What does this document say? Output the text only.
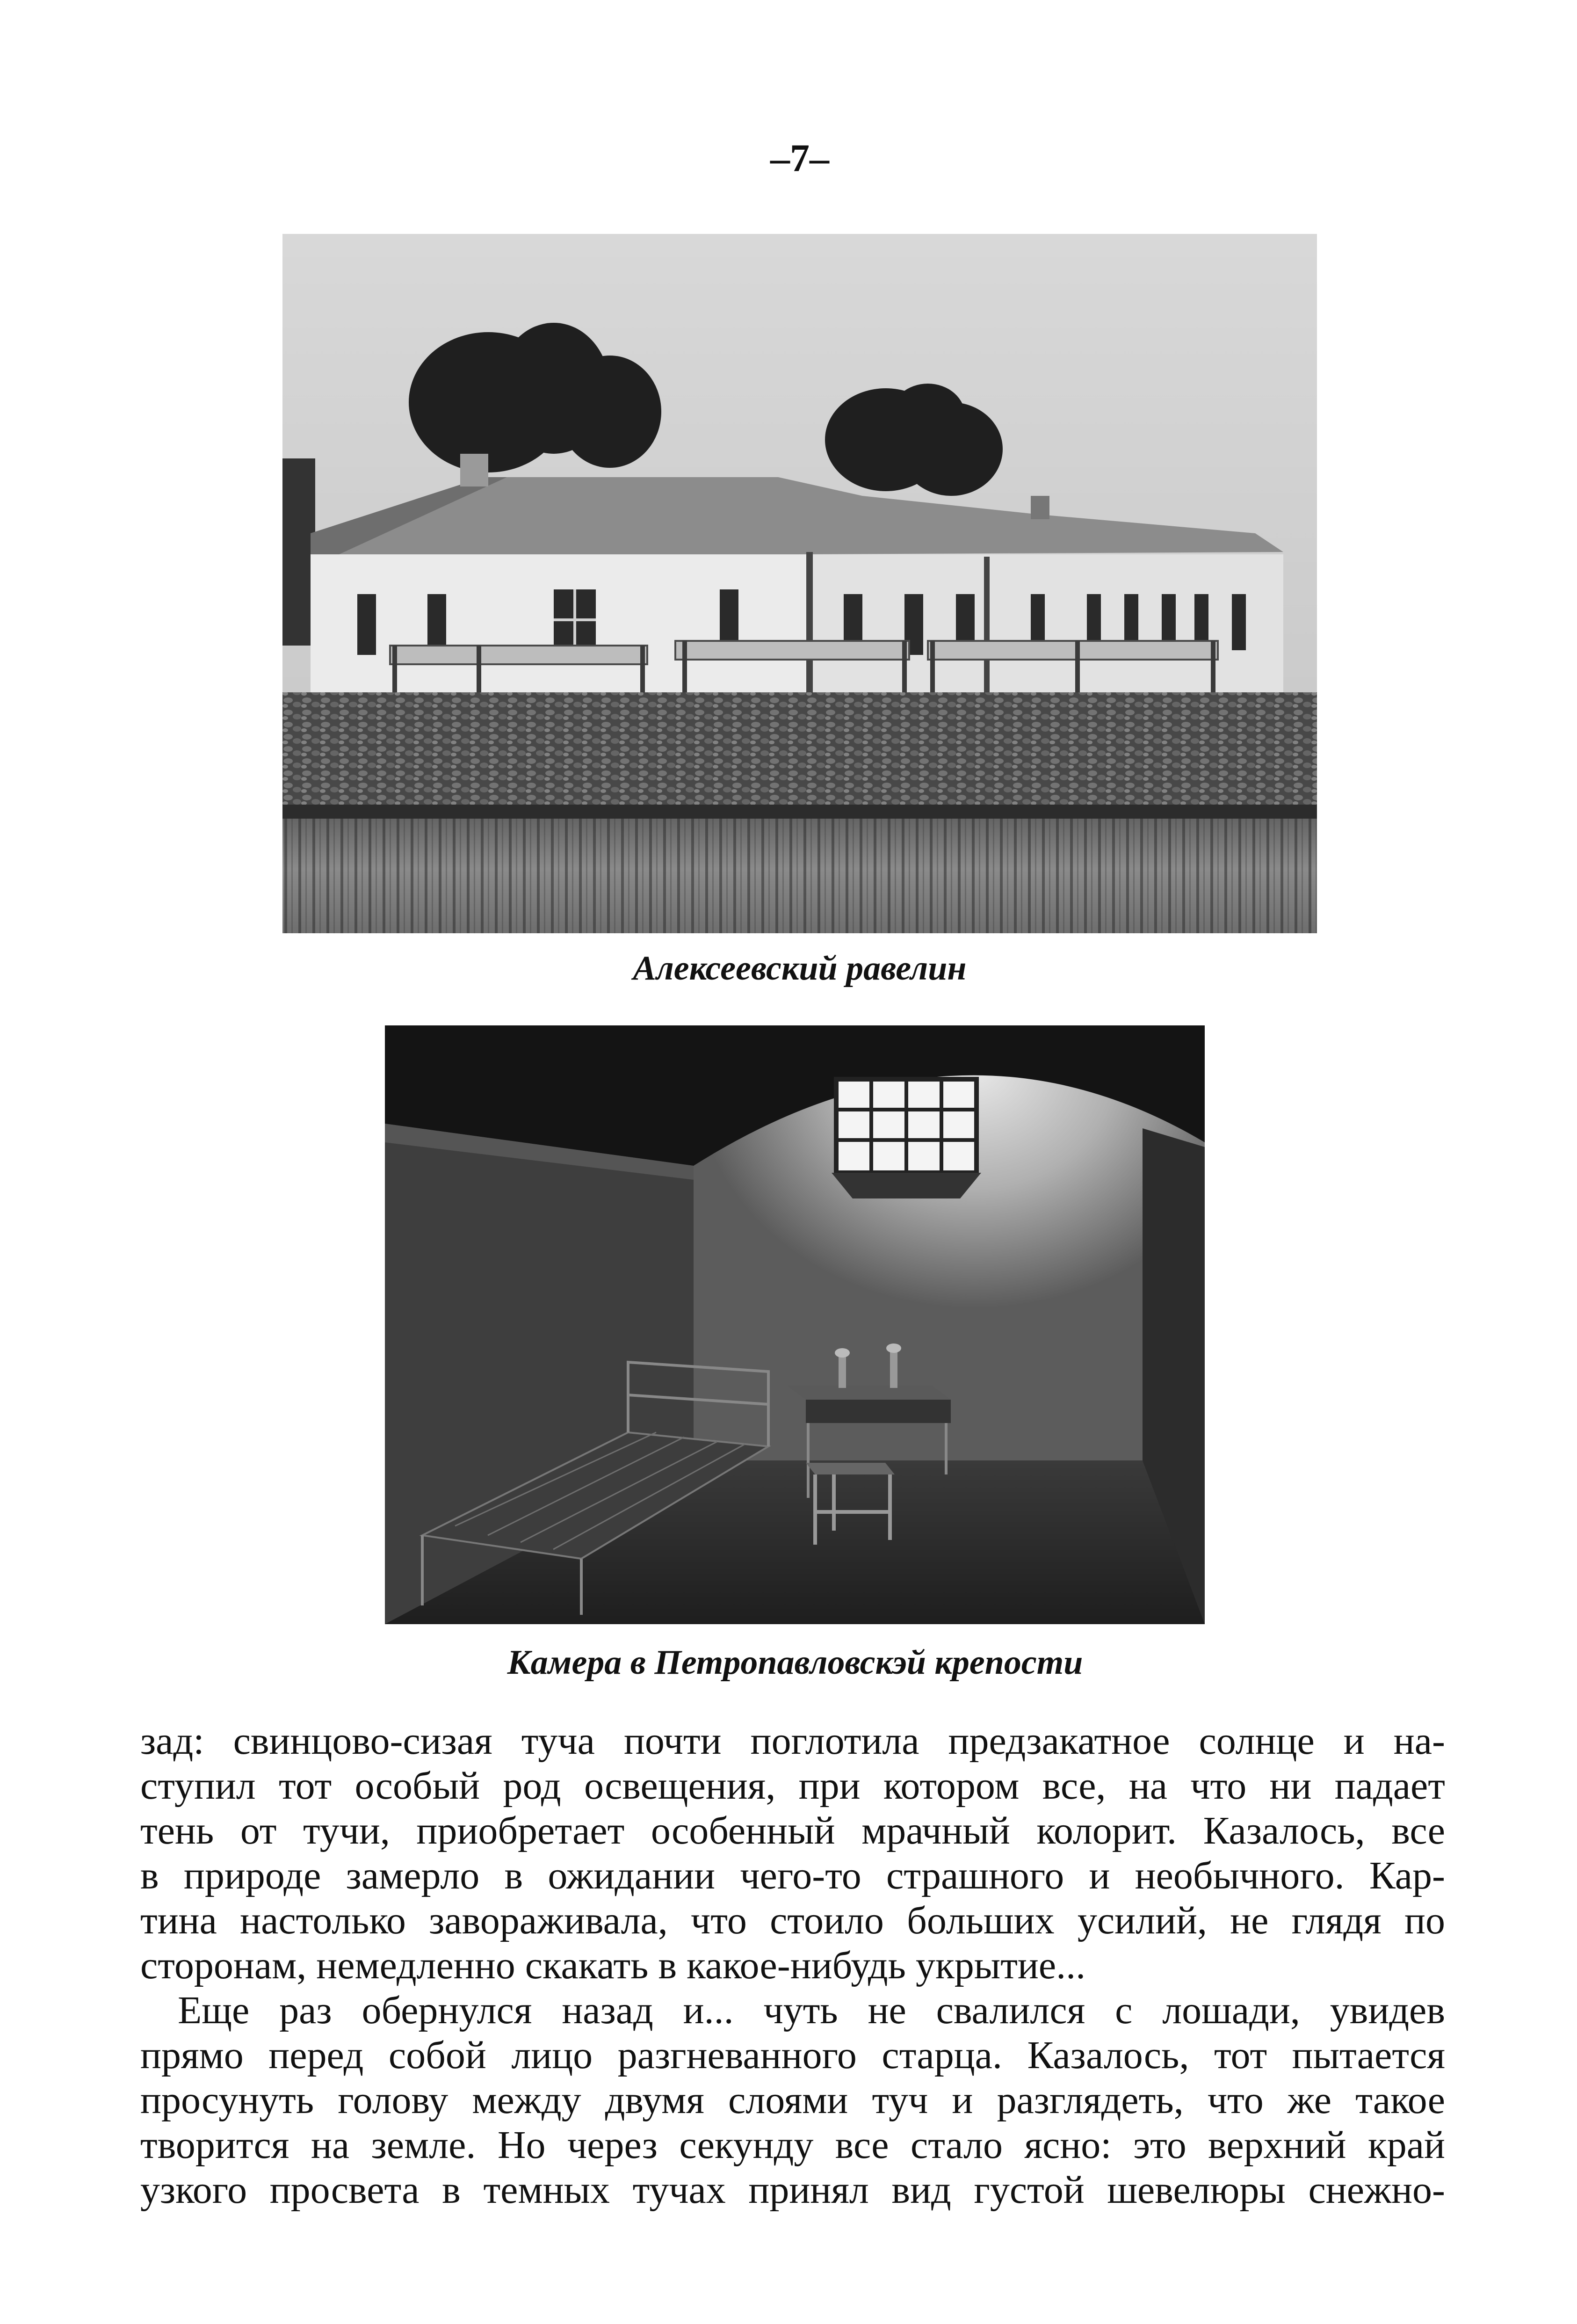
–7–
Алексеевский равелин
Камера в Петропавловскэй крепости
зад: свинцово-сизая туча почти поглотила предзакатное солнце и на-
ступил тот особый род освещения, при котором все, на что ни падает
тень от тучи, приобретает особенный мрачный колорит. Казалось, все
в природе замерло в ожидании чего-то страшного и необычного. Кар-
тина настолько завораживала, что стоило больших усилий, не глядя по
сторонам, немедленно скакать в какое-нибудь укрытие...
Еще раз обернулся назад и... чуть не свалился с лошади, увидев
прямо перед собой лицо разгневанного старца. Казалось, тот пытается
просунуть голову между двумя слоями туч и разглядеть, что же такое
творится на земле. Но через секунду все стало ясно: это верхний край
узкого просвета в темных тучах принял вид густой шевелюры снежно-
